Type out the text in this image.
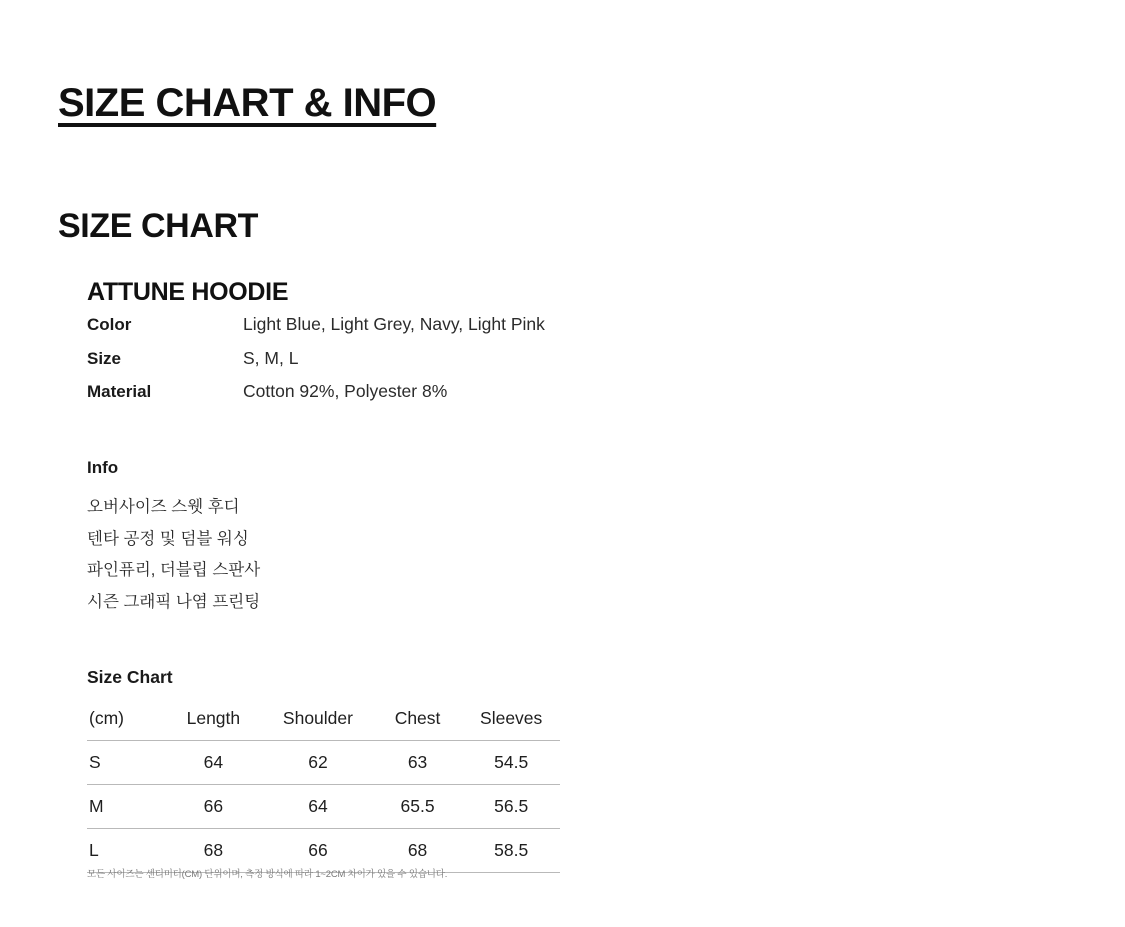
SIZE CHART & INFO
SIZE CHART
ATTUNE HOODIE
Color	Light Blue, Light Grey, Navy, Light Pink
Size	S, M, L
Material	Cotton 92%, Polyester 8%
Info
오버사이즈 스웻 후디
텐타 공정 및 덤블 워싱
파인퓨리, 더블립 스판사
시즌 그래픽 나염 프린팅
Size Chart
(cm)	Length	Shoulder	Chest	Sleeves
S	64	62	63	54.5
M	66	64	65.5	56.5
L	68	66	68	58.5
모든 사이즈는 센티미터(CM) 단위이며, 측정 방식에 따라 1~2CM 차이가 있을 수 있습니다.
